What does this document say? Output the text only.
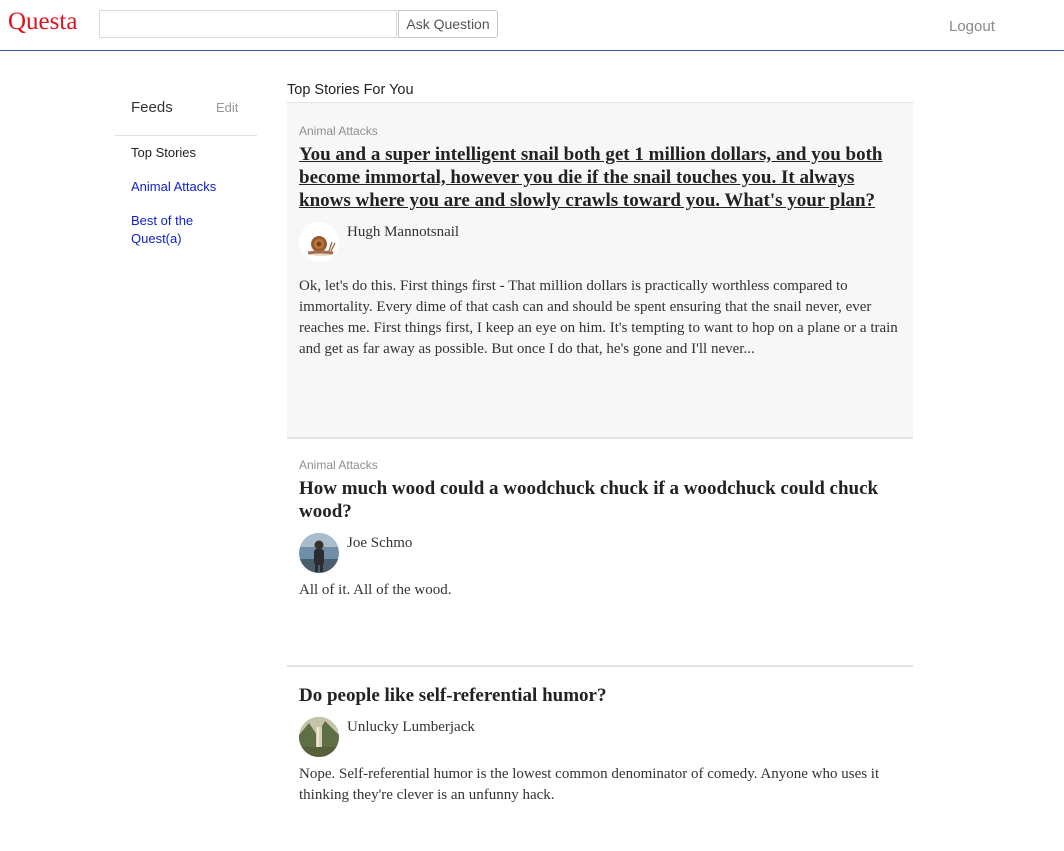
Questa	Ask Question	Logout
Feeds	Edit
Top Stories
Animal Attacks
Best of the Quest(a)
Top Stories For You
Animal Attacks
You and a super intelligent snail both get 1 million dollars, and you both become immortal, however you die if the snail touches you. It always knows where you are and slowly crawls toward you. What's your plan?
Hugh Mannotsnail
Ok, let's do this. First things first - That million dollars is practically worthless compared to immortality. Every dime of that cash can and should be spent ensuring that the snail never, ever reaches me. First things first, I keep an eye on him. It's tempting to want to hop on a plane or a train and get as far away as possible. But once I do that, he's gone and I'll never...
Animal Attacks
How much wood could a woodchuck chuck if a woodchuck could chuck wood?
Joe Schmo
All of it. All of the wood.
Do people like self-referential humor?
Unlucky Lumberjack
Nope. Self-referential humor is the lowest common denominator of comedy. Anyone who uses it thinking they're clever is an unfunny hack.
